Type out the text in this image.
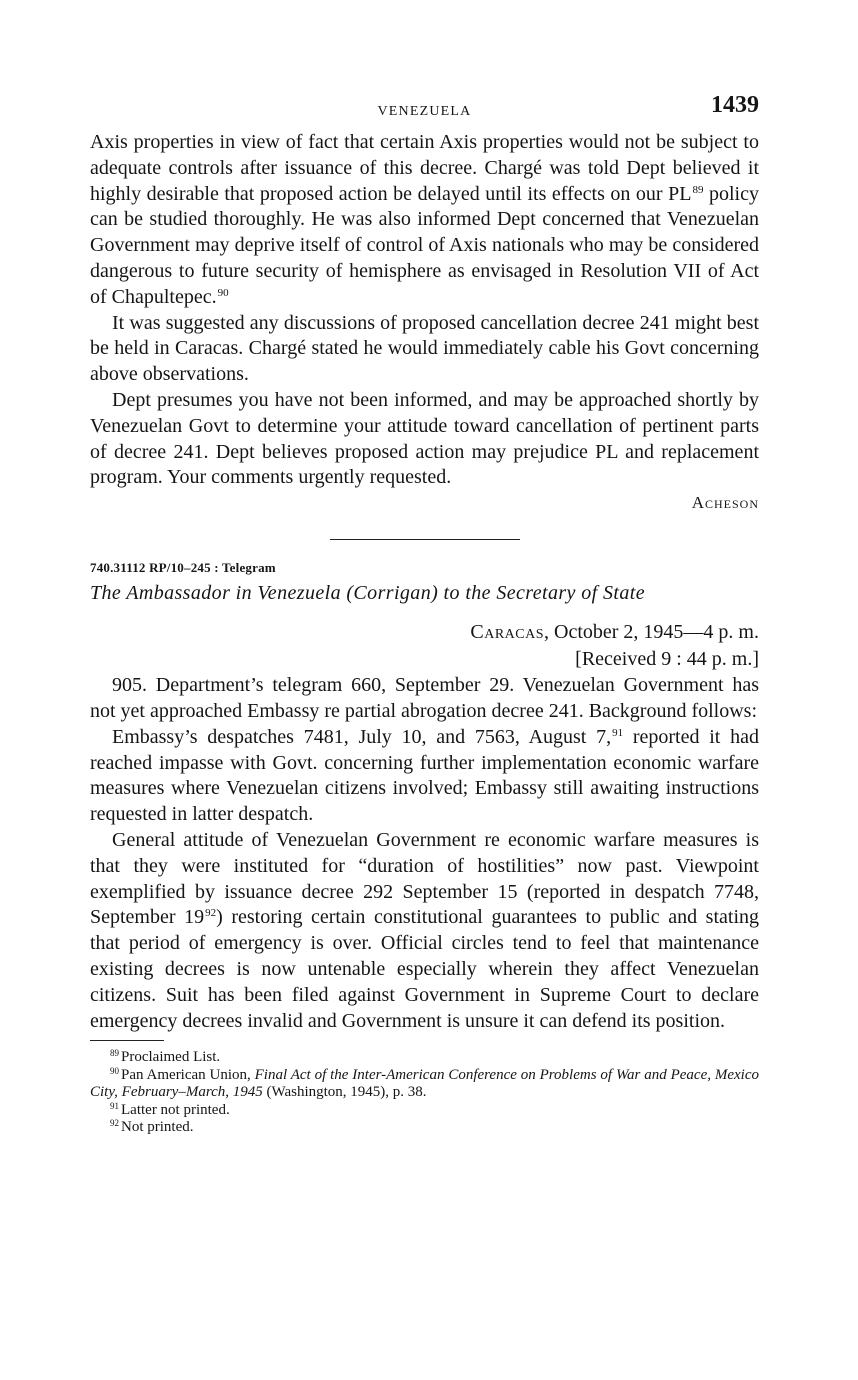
VENEZUELA	1439

Axis properties in view of fact that certain Axis properties would not be subject to adequate controls after issuance of this decree. Chargé was told Dept believed it highly desirable that proposed action be delayed until its effects on our PL$^{89}$ policy can be studied thoroughly. He was also informed Dept concerned that Venezuelan Government may deprive itself of control of Axis nationals who may be considered dangerous to future security of hemisphere as envisaged in Resolution VII of Act of Chapultepec.$^{90}$

It was suggested any discussions of proposed cancellation decree 241 might best be held in Caracas. Chargé stated he would immediately cable his Govt concerning above observations.

Dept presumes you have not been informed, and may be approached shortly by Venezuelan Govt to determine your attitude toward cancellation of pertinent parts of decree 241. Dept believes proposed action may prejudice PL and replacement program. Your comments urgently requested.

Acheson
740.31112 RP/10–245 : Telegram
The Ambassador in Venezuela (Corrigan) to the Secretary of State
Caracas, October 2, 1945—4 p. m.
[Received 9 : 44 p. m.]

905. Department’s telegram 660, September 29. Venezuelan Government has not yet approached Embassy re partial abrogation decree 241. Background follows:

Embassy’s despatches 7481, July 10, and 7563, August 7,91 reported it had reached impasse with Govt. concerning further implementation economic warfare measures where Venezuelan citizens involved; Embassy still awaiting instructions requested in latter despatch.

General attitude of Venezuelan Government re economic warfare measures is that they were instituted for “duration of hostilities” now past. Viewpoint exemplified by issuance decree 292 September 15 (reported in despatch 7748, September $19^{92}$) restoring certain constitutional guarantees to public and stating that period of emergency is over. Official circles tend to feel that maintenance existing decrees is now untenable especially wherein they affect Venezuelan citizens. Suit has been filed against Government in Supreme Court to declare emergency decrees invalid and Government is unsure it can defend its position.

$^{89}$ Proclaimed List.
$^{90}$ Pan American Union, Final Act of the Inter-American Conference on Problems of War and Peace, Mexico City, February–March, 1945 (Washington, 1945), p. 38.
$^{91}$ Latter not printed.
$^{92}$ Not printed.
